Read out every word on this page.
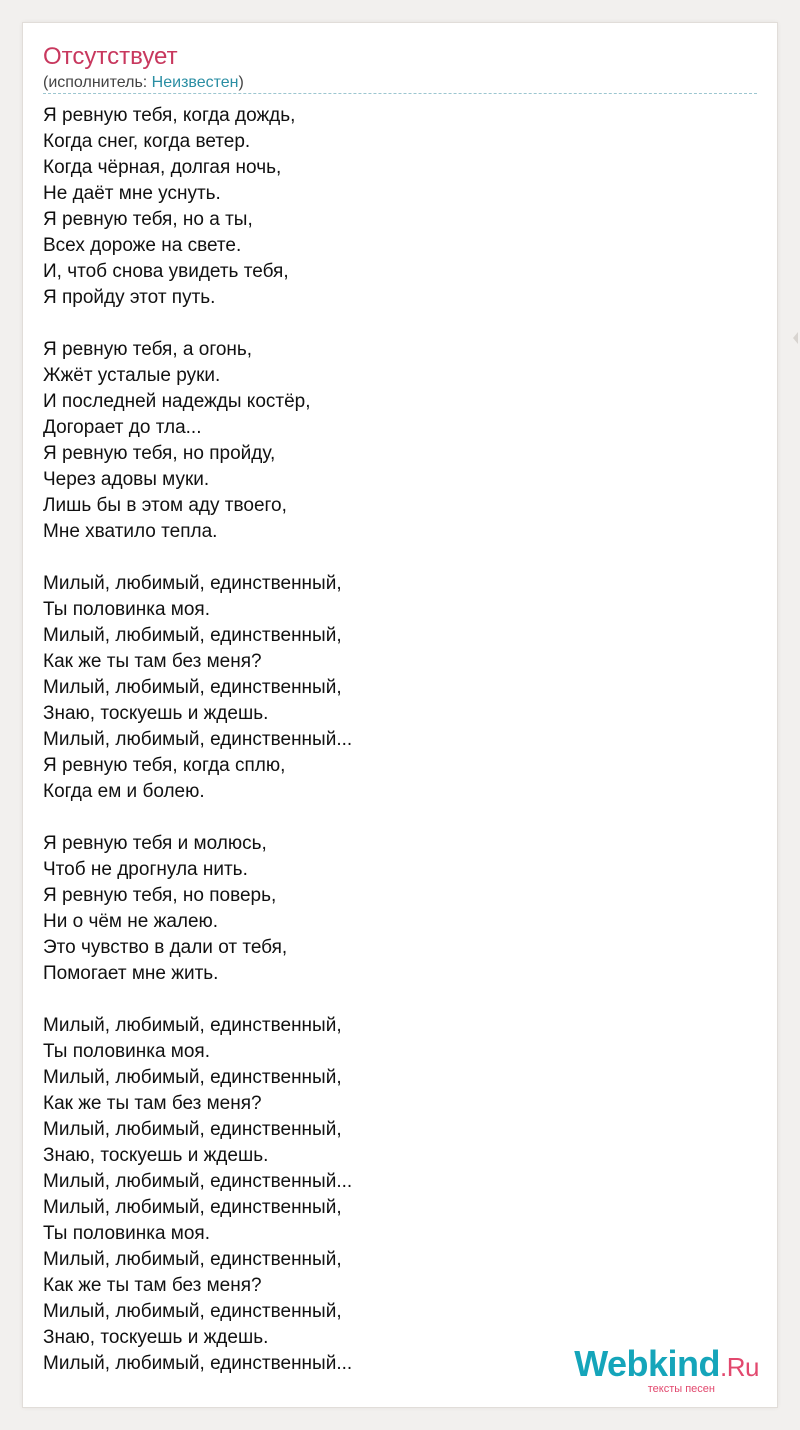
Отсутствует
(исполнитель: Неизвестен)
Я ревную тебя, когда дождь,
Когда снег, когда ветер.
Когда чёрная, долгая ночь,
Не даёт мне уснуть.
Я ревную тебя, но а ты,
Всех дороже на свете.
И, чтоб снова увидеть тебя,
Я пройду этот путь.
Я ревную тебя, а огонь,
Жжёт усталые руки.
И последней надежды костёр,
Догорает до тла...
Я ревную тебя, но пройду,
Через адовы муки.
Лишь бы в этом аду твоего,
Мне хватило тепла.
Милый, любимый, единственный,
Ты половинка моя.
Милый, любимый, единственный,
Как же ты там без меня?
Милый, любимый, единственный,
Знаю, тоскуешь и ждешь.
Милый, любимый, единственный...
Я ревную тебя, когда сплю,
Когда ем и болею.
Я ревную тебя и молюсь,
Чтоб не дрогнула нить.
Я ревную тебя, но поверь,
Ни о чём не жалею.
Это чувство в дали от тебя,
Помогает мне жить.
Милый, любимый, единственный,
Ты половинка моя.
Милый, любимый, единственный,
Как же ты там без меня?
Милый, любимый, единственный,
Знаю, тоскуешь и ждешь.
Милый, любимый, единственный...
Милый, любимый, единственный,
Ты половинка моя.
Милый, любимый, единственный,
Как же ты там без меня?
Милый, любимый, единственный,
Знаю, тоскуешь и ждешь.
Милый, любимый, единственный...	Webkind.Ru
тексты песен
